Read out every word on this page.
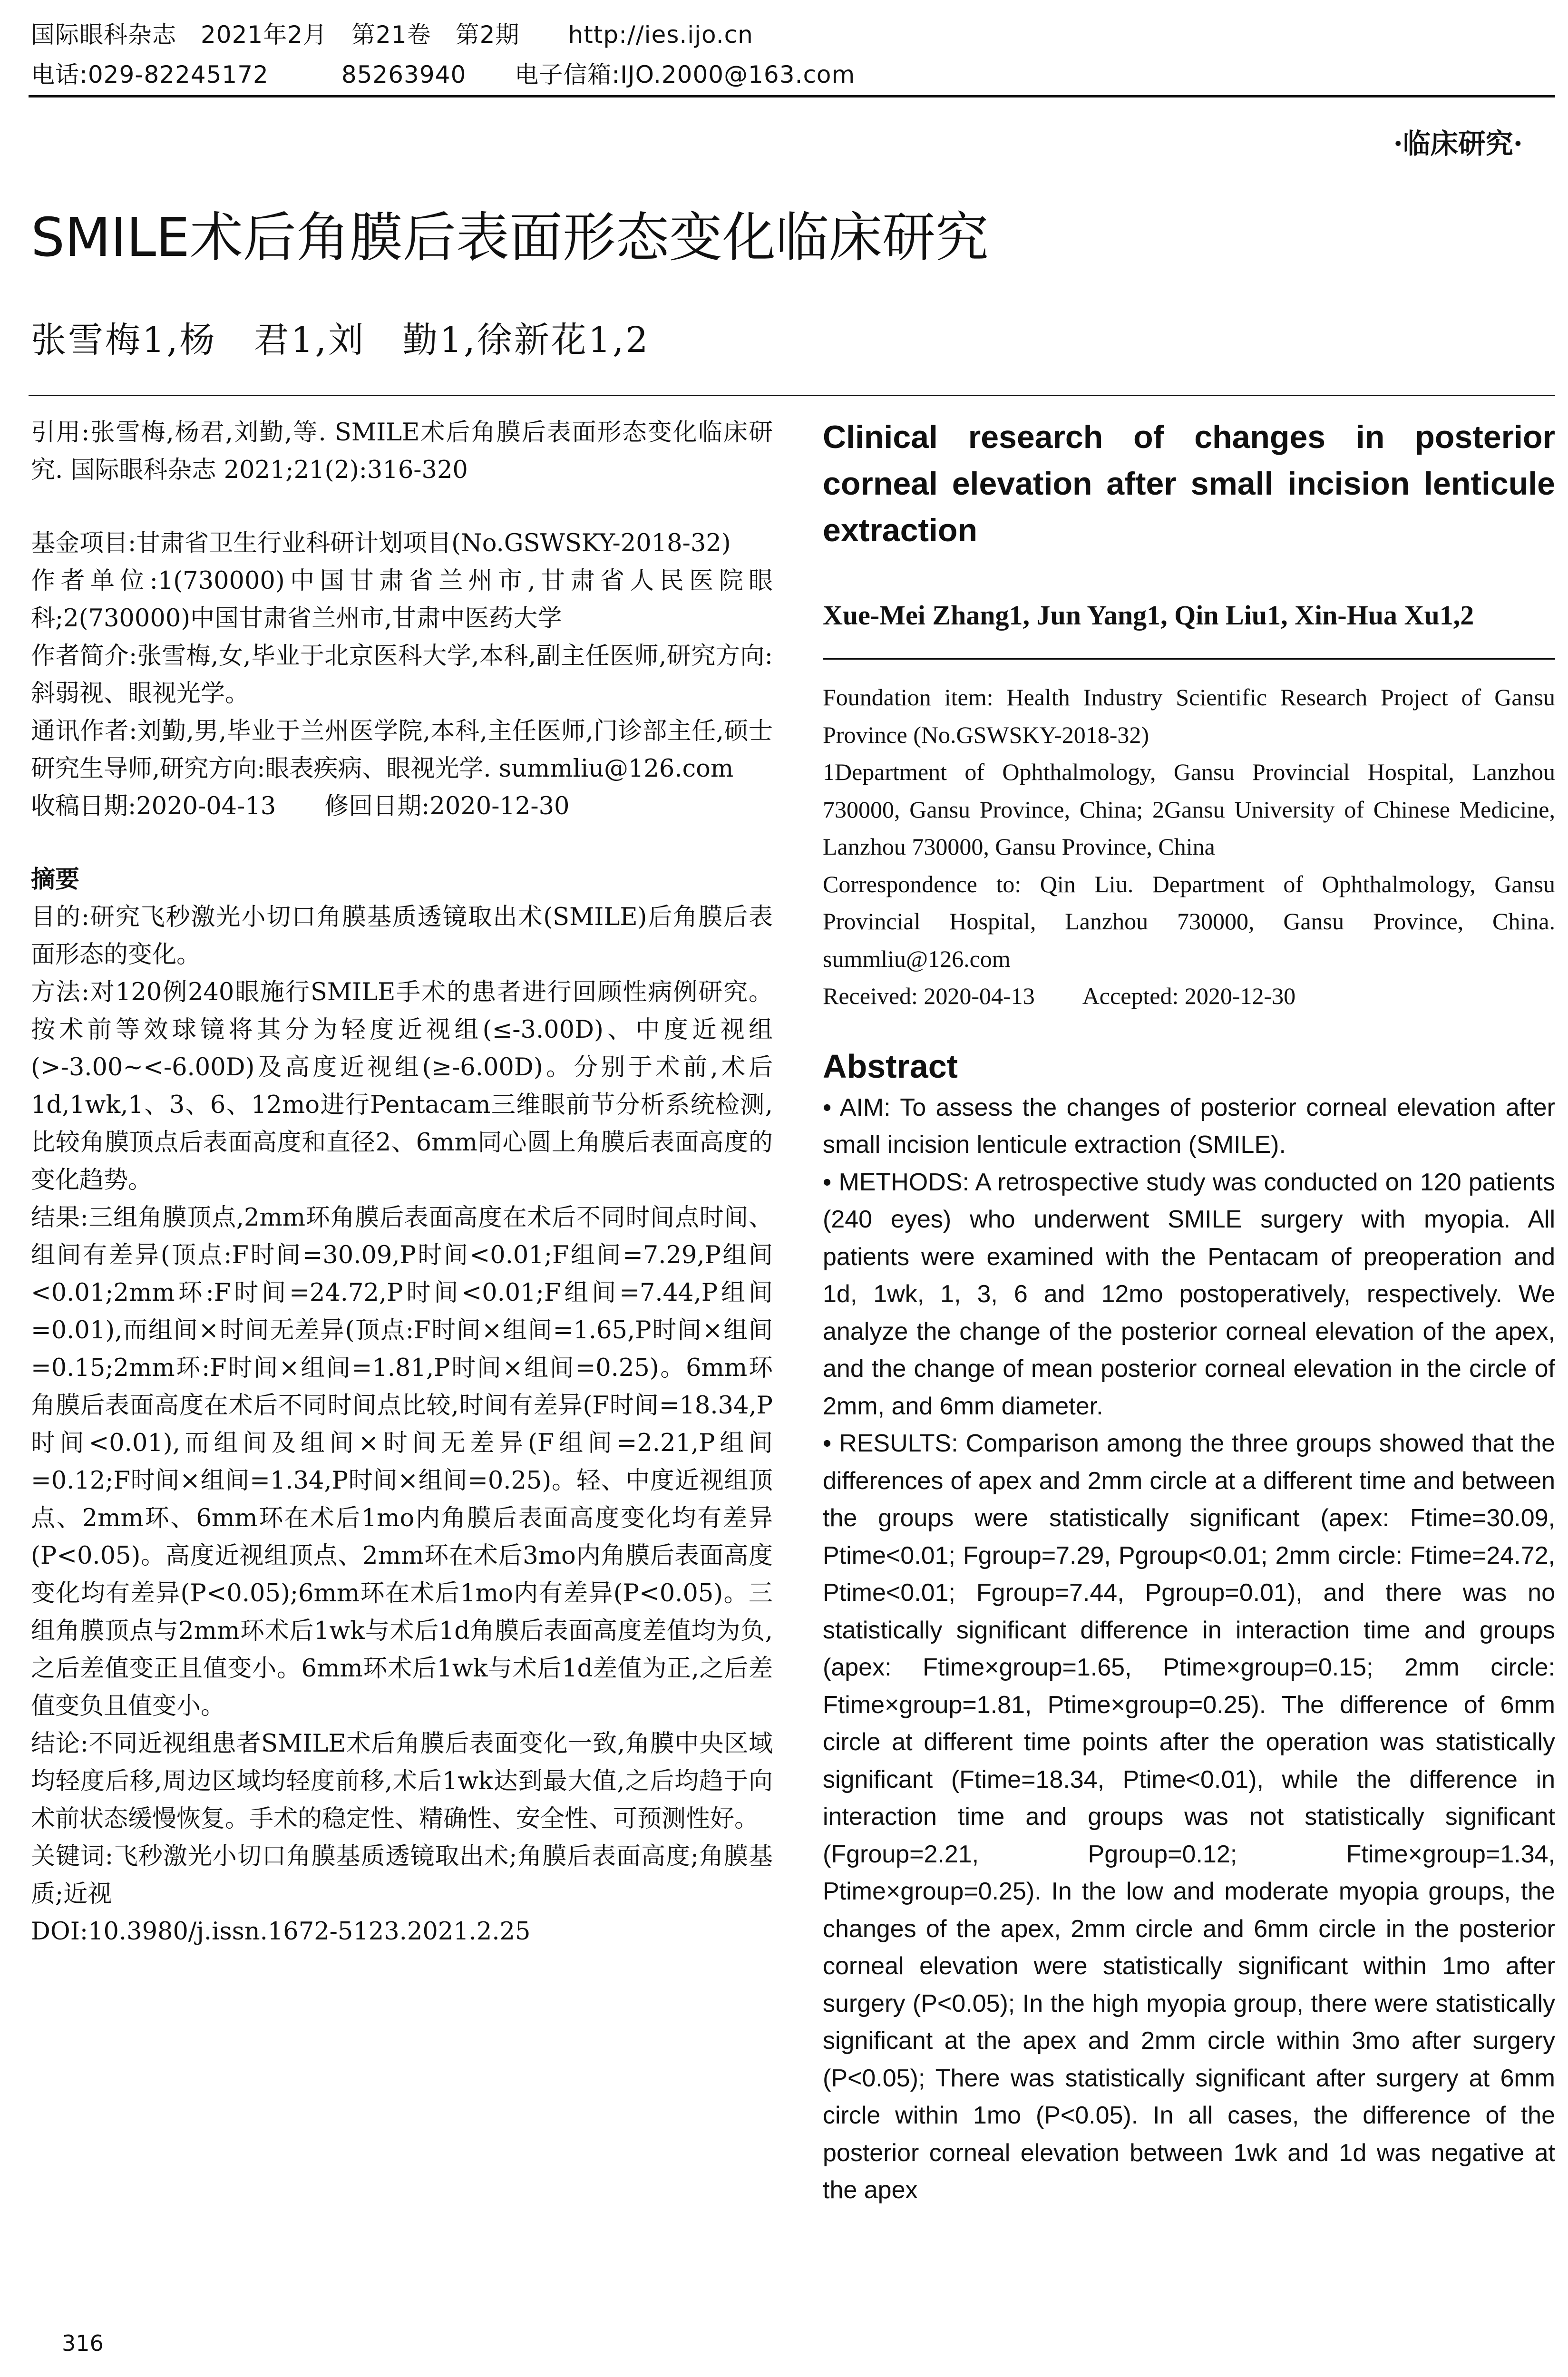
国际眼科杂志　2021年2月　第21卷　第2期　　http://ies.ijo.cn
电话:029-82245172　　　85263940　　电子信箱:IJO.2000@163.com
·临床研究·
SMILE术后角膜后表面形态变化临床研究
张雪梅1,杨　君1,刘　勤1,徐新花1,2

引用:张雪梅,杨君,刘勤,等. SMILE术后角膜后表面形态变化临床研究. 国际眼科杂志 2021;21(2):316-320

基金项目:甘肃省卫生行业科研计划项目(No.GSWSKY-2018-32)

作者单位:1(730000)中国甘肃省兰州市,甘肃省人民医院眼科;2(730000)中国甘肃省兰州市,甘肃中医药大学

作者简介:张雪梅,女,毕业于北京医科大学,本科,副主任医师,研究方向:斜弱视、眼视光学。

通讯作者:刘勤,男,毕业于兰州医学院,本科,主任医师,门诊部主任,硕士研究生导师,研究方向:眼表疾病、眼视光学. summliu@126.com

收稿日期:2020-04-13　　修回日期:2020-12-30

摘要

目的:研究飞秒激光小切口角膜基质透镜取出术(SMILE)后角膜后表面形态的变化。

方法:对120例240眼施行SMILE手术的患者进行回顾性病例研究。按术前等效球镜将其分为轻度近视组(≤-3.00D)、中度近视组(>-3.00~<-6.00D)及高度近视组(≥-6.00D)。分别于术前,术后1d,1wk,1、3、6、12mo进行Pentacam三维眼前节分析系统检测,比较角膜顶点后表面高度和直径2、6mm同心圆上角膜后表面高度的变化趋势。

结果:三组角膜顶点,2mm环角膜后表面高度在术后不同时间点时间、组间有差异(顶点:F时间=30.09,P时间<0.01;F组间=7.29,P组间<0.01;2mm环:F时间=24.72,P时间<0.01;F组间=7.44,P组间=0.01),而组间×时间无差异(顶点:F时间×组间=1.65,P时间×组间=0.15;2mm环:F时间×组间=1.81,P时间×组间=0.25)。6mm环角膜后表面高度在术后不同时间点比较,时间有差异(F时间=18.34,P时间<0.01),而组间及组间×时间无差异(F组间=2.21,P组间=0.12;F时间×组间=1.34,P时间×组间=0.25)。轻、中度近视组顶点、2mm环、6mm环在术后1mo内角膜后表面高度变化均有差异(P<0.05)。高度近视组顶点、2mm环在术后3mo内角膜后表面高度变化均有差异(P<0.05);6mm环在术后1mo内有差异(P<0.05)。三组角膜顶点与2mm环术后1wk与术后1d角膜后表面高度差值均为负,之后差值变正且值变小。6mm环术后1wk与术后1d差值为正,之后差值变负且值变小。

结论:不同近视组患者SMILE术后角膜后表面变化一致,角膜中央区域均轻度后移,周边区域均轻度前移,术后1wk达到最大值,之后均趋于向术前状态缓慢恢复。手术的稳定性、精确性、安全性、可预测性好。

关键词:飞秒激光小切口角膜基质透镜取出术;角膜后表面高度;角膜基质;近视

DOI:10.3980/j.issn.1672-5123.2021.2.25

Clinical research of changes in posterior corneal elevation after small incision lenticule extraction

Xue-Mei Zhang1, Jun Yang1, Qin Liu1, Xin-Hua Xu1,2

Foundation item: Health Industry Scientific Research Project of Gansu Province (No.GSWSKY-2018-32)

1Department of Ophthalmology, Gansu Provincial Hospital, Lanzhou 730000, Gansu Province, China; 2Gansu University of Chinese Medicine, Lanzhou 730000, Gansu Province, China

Correspondence to: Qin Liu. Department of Ophthalmology, Gansu Provincial Hospital, Lanzhou 730000, Gansu Province, China. summliu@126.com

Received: 2020-04-13　　Accepted: 2020-12-30

Abstract

• AIM: To assess the changes of posterior corneal elevation after small incision lenticule extraction (SMILE).

• METHODS: A retrospective study was conducted on 120 patients (240 eyes) who underwent SMILE surgery with myopia. All patients were examined with the Pentacam of preoperation and 1d, 1wk, 1, 3, 6 and 12mo postoperatively, respectively. We analyze the change of the posterior corneal elevation of the apex, and the change of mean posterior corneal elevation in the circle of 2mm, and 6mm diameter.

• RESULTS: Comparison among the three groups showed that the differences of apex and 2mm circle at a different time and between the groups were statistically significant (apex: Ftime=30.09, Ptime<0.01; Fgroup=7.29, Pgroup<0.01; 2mm circle: Ftime=24.72, Ptime<0.01; Fgroup=7.44, Pgroup=0.01), and there was no statistically significant difference in interaction time and groups (apex: Ftime×group=1.65, Ptime×group=0.15; 2mm circle: Ftime×group=1.81, Ptime×group=0.25). The difference of 6mm circle at different time points after the operation was statistically significant (Ftime=18.34, Ptime<0.01), while the difference in interaction time and groups was not statistically significant (Fgroup=2.21, Pgroup=0.12; Ftime×group=1.34, Ptime×group=0.25). In the low and moderate myopia groups, the changes of the apex, 2mm circle and 6mm circle in the posterior corneal elevation were statistically significant within 1mo after surgery (P<0.05); In the high myopia group, there were statistically significant at the apex and 2mm circle within 3mo after surgery (P<0.05); There was statistically significant after surgery at 6mm circle within 1mo (P<0.05). In all cases, the difference of the posterior corneal elevation between 1wk and 1d was negative at the apex

316
